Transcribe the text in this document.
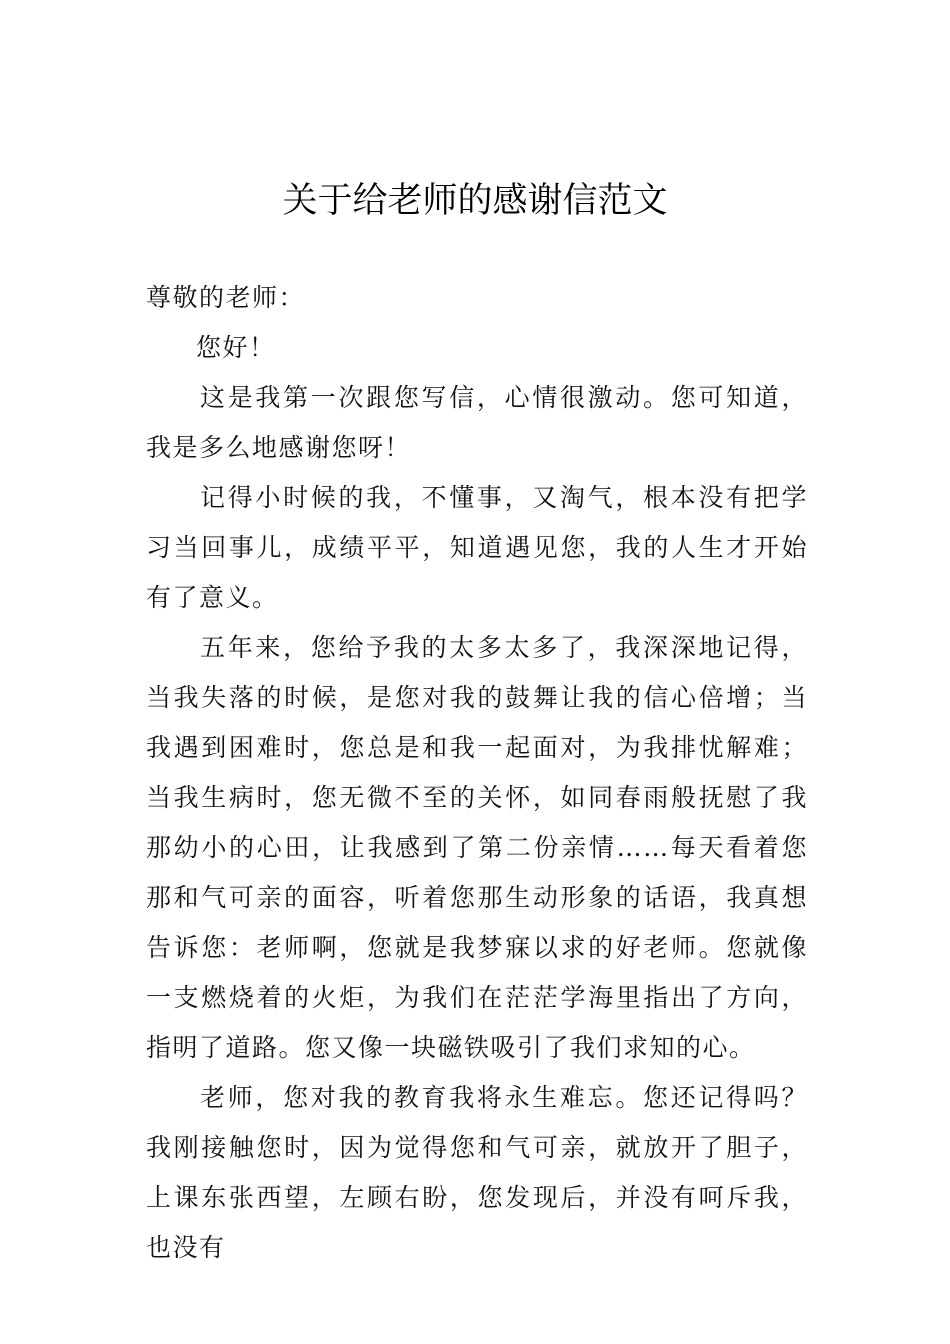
关于给老师的感谢信范文

尊敬的老师：

您好！

这是我第一次跟您写信，心情很激动。您可知道，我是多么地感谢您呀！

记得小时候的我，不懂事，又淘气，根本没有把学习当回事儿，成绩平平，知道遇见您，我的人生才开始有了意义。

五年来，您给予我的太多太多了，我深深地记得，当我失落的时候，是您对我的鼓舞让我的信心倍增；当我遇到困难时，您总是和我一起面对，为我排忧解难；当我生病时，您无微不至的关怀，如同春雨般抚慰了我那幼小的心田，让我感到了第二份亲情……每天看着您那和气可亲的面容，听着您那生动形象的话语，我真想告诉您：老师啊，您就是我梦寐以求的好老师。您就像一支燃烧着的火炬，为我们在茫茫学海里指出了方向，指明了道路。您又像一块磁铁吸引了我们求知的心。

老师，您对我的教育我将永生难忘。您还记得吗？我刚接触您时，因为觉得您和气可亲，就放开了胆子，上课东张西望，左顾右盼，您发现后，并没有呵斥我，也没有
